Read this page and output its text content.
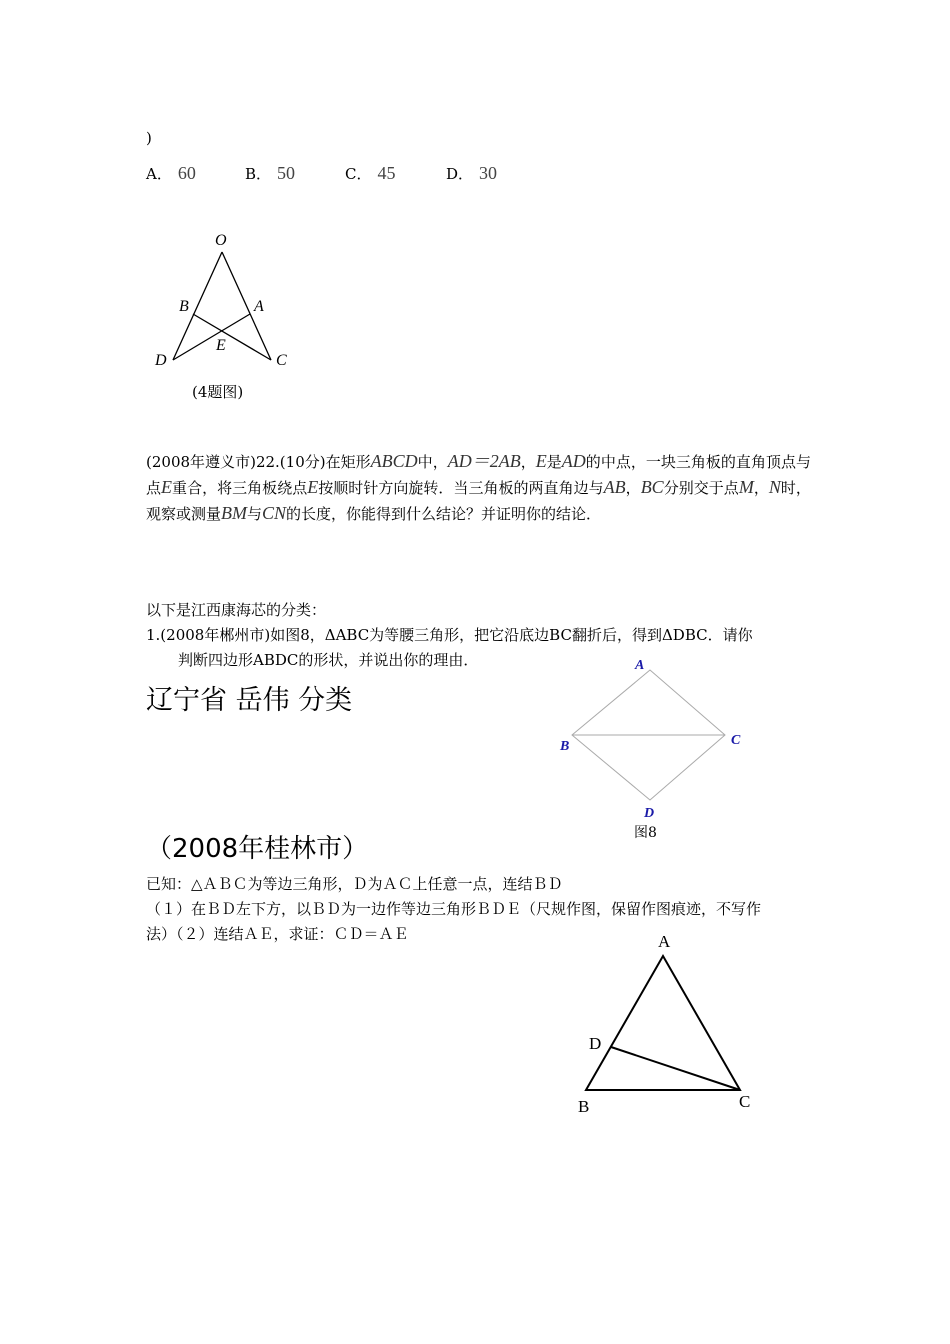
)
A． 60	B． 50	C． 45	D． 30
O
B	A
E
D	C
(4题图)
(2008年遵义市)22.(10分)在矩形ABCD中，AD＝2AB，E是AD的中点，一块三角板的直角顶点与点E重合，将三角板绕点E按顺时针方向旋转．当三角板的两直角边与AB，BC分别交于点M，N时，观察或测量BM与CN的长度，你能得到什么结论？并证明你的结论．
以下是江西康海芯的分类：
1.(2008年郴州市)如图8，ΔABC为等腰三角形，把它沿底边BC翻折后，得到ΔDBC．请你
判断四边形ABDC的形状，并说出你的理由．	A
B	C
D
图8
辽宁省 岳伟 分类
（2008年桂林市）
已知：△ＡＢＣ为等边三角形，Ｄ为ＡＣ上任意一点，连结ＢＤ
（１）在ＢＤ左下方，以ＢＤ为一边作等边三角形ＢＤＥ（尺规作图，保留作图痕迹，不写作
法）（２）连结ＡＥ，求证：ＣＤ＝ＡＥ	A
D
B	C
